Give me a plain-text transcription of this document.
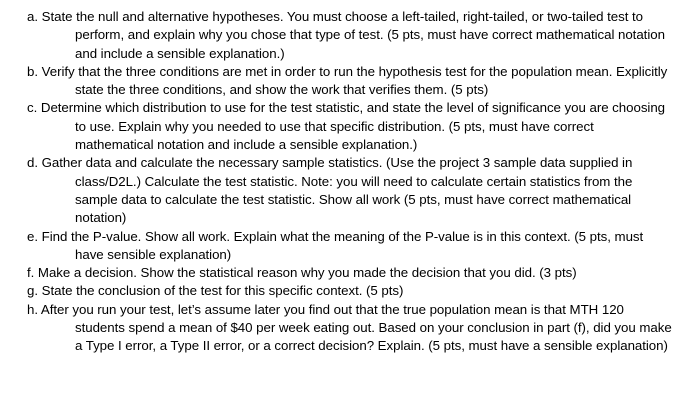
a. State the null and alternative hypotheses. You must choose a left-tailed, right-tailed, or two-tailed test to perform, and explain why you chose that type of test. (5 pts, must have correct mathematical notation and include a sensible explanation.)

b. Verify that the three conditions are met in order to run the hypothesis test for the population mean. Explicitly state the three conditions, and show the work that verifies them. (5 pts)

c. Determine which distribution to use for the test statistic, and state the level of significance you are choosing to use. Explain why you needed to use that specific distribution. (5 pts, must have correct mathematical notation and include a sensible explanation.)

d. Gather data and calculate the necessary sample statistics. (Use the project 3 sample data supplied in class/D2L.) Calculate the test statistic. Note: you will need to calculate certain statistics from the sample data to calculate the test statistic. Show all work (5 pts, must have correct mathematical notation)

e. Find the P-value. Show all work. Explain what the meaning of the P-value is in this context. (5 pts, must have sensible explanation)

f. Make a decision. Show the statistical reason why you made the decision that you did. (3 pts)

g. State the conclusion of the test for this specific context. (5 pts)

h. After you run your test, let’s assume later you find out that the true population mean is that MTH 120 students spend a mean of $40 per week eating out. Based on your conclusion in part (f), did you make a Type I error, a Type II error, or a correct decision? Explain. (5 pts, must have a sensible explanation)
